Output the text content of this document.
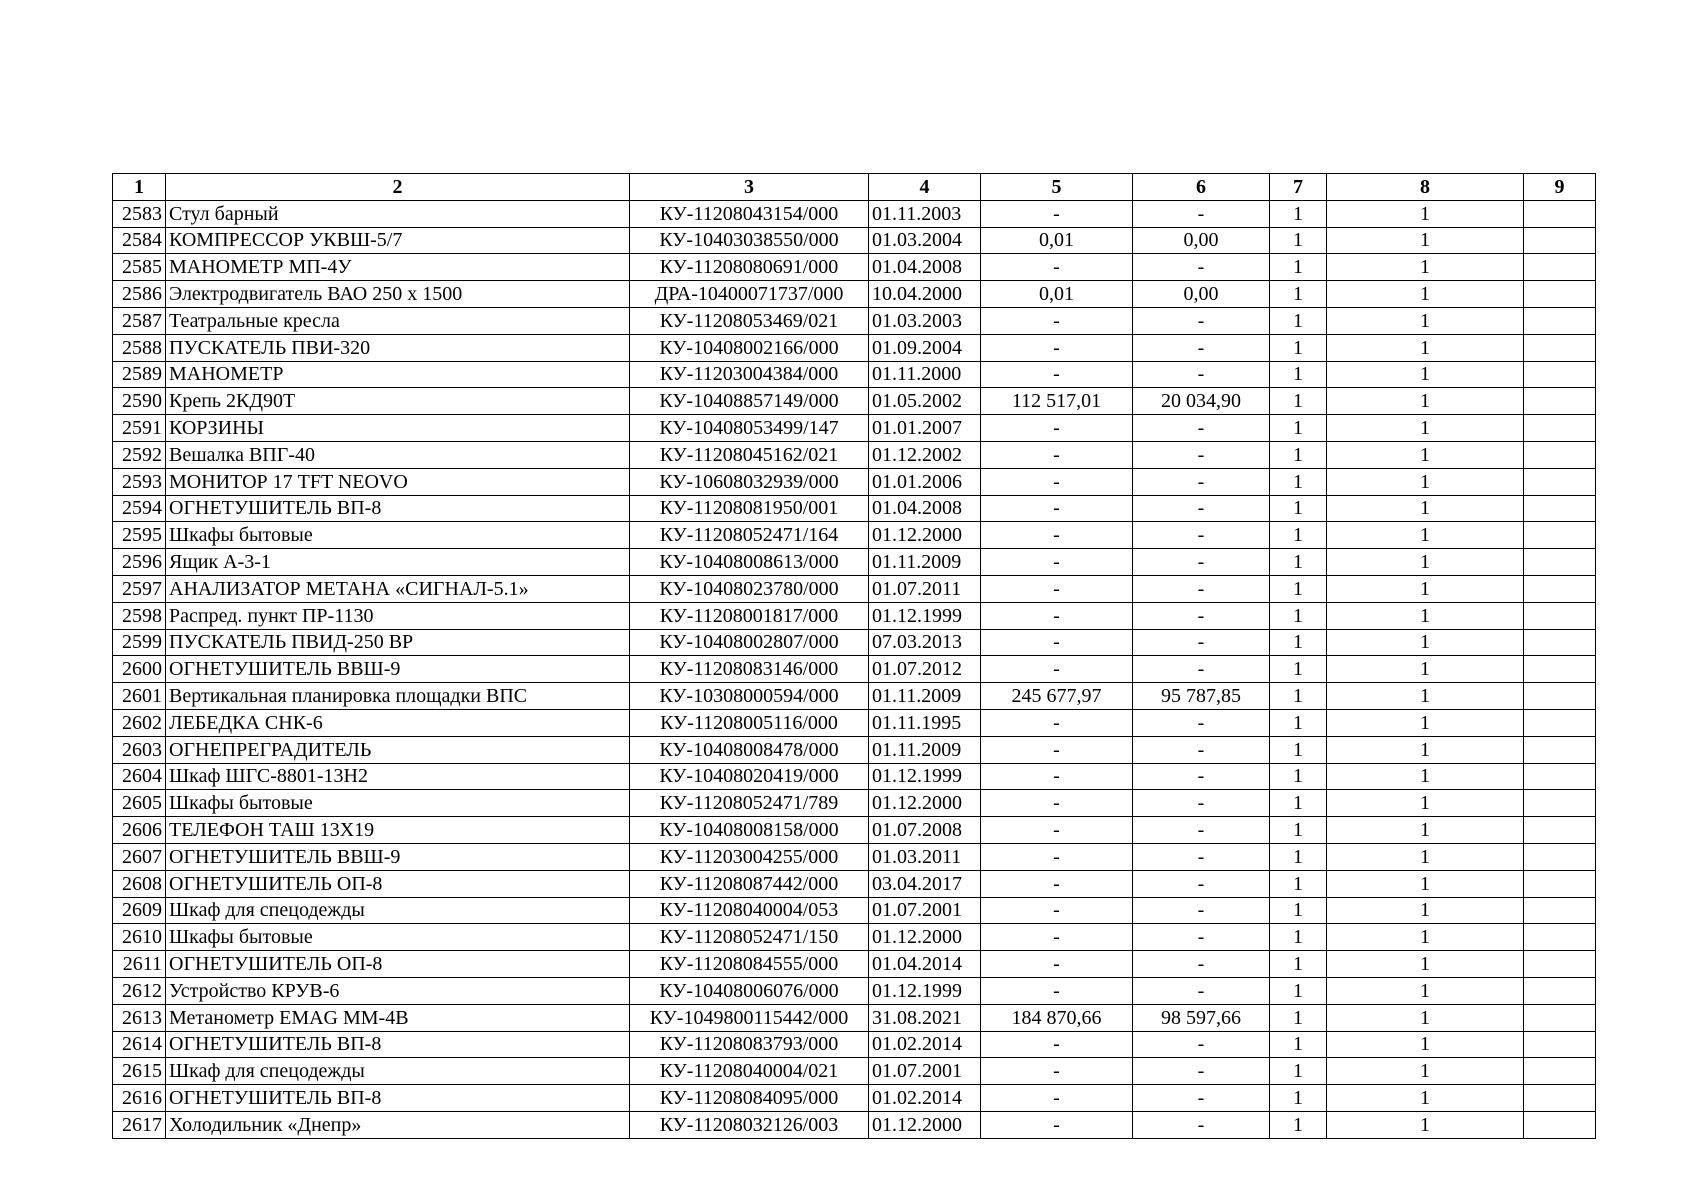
1	2	3	4	5	6	7	8	9
2583	Стул барный	КУ-11208043154/000	01.11.2003	-	-	1	1	
2584	КОМПРЕССОР УКВШ-5/7	КУ-10403038550/000	01.03.2004	0,01	0,00	1	1	
2585	МАНОМЕТР МП-4У	КУ-11208080691/000	01.04.2008	-	-	1	1	
2586	Электродвигатель ВАО 250 х 1500	ДРА-10400071737/000	10.04.2000	0,01	0,00	1	1	
2587	Театральные кресла	КУ-11208053469/021	01.03.2003	-	-	1	1	
2588	ПУСКАТЕЛЬ ПВИ-320	КУ-10408002166/000	01.09.2004	-	-	1	1	
2589	МАНОМЕТР	КУ-11203004384/000	01.11.2000	-	-	1	1	
2590	Крепь 2КД90Т	КУ-10408857149/000	01.05.2002	112 517,01	20 034,90	1	1	
2591	КОРЗИНЫ	КУ-10408053499/147	01.01.2007	-	-	1	1	
2592	Вешалка ВПГ-40	КУ-11208045162/021	01.12.2002	-	-	1	1	
2593	МОНИТОР 17 TFT NEOVO	КУ-10608032939/000	01.01.2006	-	-	1	1	
2594	ОГНЕТУШИТЕЛЬ ВП-8	КУ-11208081950/001	01.04.2008	-	-	1	1	
2595	Шкафы бытовые	КУ-11208052471/164	01.12.2000	-	-	1	1	
2596	Ящик А-3-1	КУ-10408008613/000	01.11.2009	-	-	1	1	
2597	АНАЛИЗАТОР МЕТАНА «СИГНАЛ-5.1»	КУ-10408023780/000	01.07.2011	-	-	1	1	
2598	Распред. пункт ПР-1130	КУ-11208001817/000	01.12.1999	-	-	1	1	
2599	ПУСКАТЕЛЬ ПВИД-250 ВР	КУ-10408002807/000	07.03.2013	-	-	1	1	
2600	ОГНЕТУШИТЕЛЬ ВВШ-9	КУ-11208083146/000	01.07.2012	-	-	1	1	
2601	Вертикальная планировка площадки ВПС	КУ-10308000594/000	01.11.2009	245 677,97	95 787,85	1	1	
2602	ЛЕБЕДКА СНК-6	КУ-11208005116/000	01.11.1995	-	-	1	1	
2603	ОГНЕПРЕГРАДИТЕЛЬ	КУ-10408008478/000	01.11.2009	-	-	1	1	
2604	Шкаф ШГС-8801-13Н2	КУ-10408020419/000	01.12.1999	-	-	1	1	
2605	Шкафы бытовые	КУ-11208052471/789	01.12.2000	-	-	1	1	
2606	ТЕЛЕФОН ТАШ 13Х19	КУ-10408008158/000	01.07.2008	-	-	1	1	
2607	ОГНЕТУШИТЕЛЬ ВВШ-9	КУ-11203004255/000	01.03.2011	-	-	1	1	
2608	ОГНЕТУШИТЕЛЬ ОП-8	КУ-11208087442/000	03.04.2017	-	-	1	1	
2609	Шкаф для спецодежды	КУ-11208040004/053	01.07.2001	-	-	1	1	
2610	Шкафы бытовые	КУ-11208052471/150	01.12.2000	-	-	1	1	
2611	ОГНЕТУШИТЕЛЬ ОП-8	КУ-11208084555/000	01.04.2014	-	-	1	1	
2612	Устройство КРУВ-6	КУ-10408006076/000	01.12.1999	-	-	1	1	
2613	Метанометр EMAG MM-4B	КУ-1049800115442/000	31.08.2021	184 870,66	98 597,66	1	1	
2614	ОГНЕТУШИТЕЛЬ ВП-8	КУ-11208083793/000	01.02.2014	-	-	1	1	
2615	Шкаф для спецодежды	КУ-11208040004/021	01.07.2001	-	-	1	1	
2616	ОГНЕТУШИТЕЛЬ ВП-8	КУ-11208084095/000	01.02.2014	-	-	1	1	
2617	Холодильник «Днепр»	КУ-11208032126/003	01.12.2000	-	-	1	1	
